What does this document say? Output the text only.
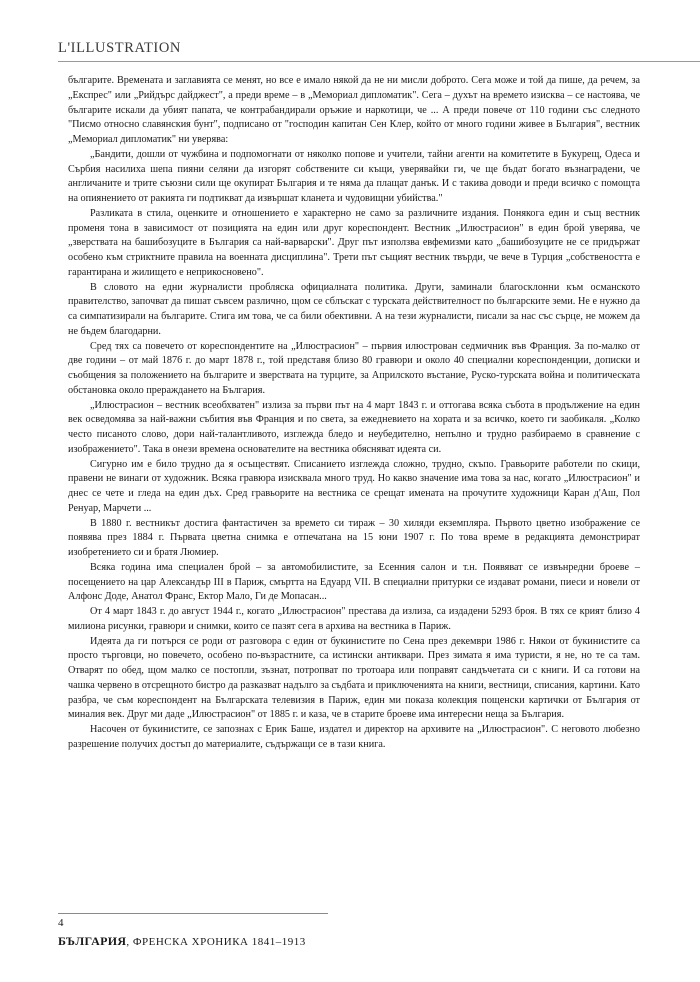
L'ILLUSTRATION

българите. Времената и заглавията се менят, но все е имало някой да не ни мисли доброто. Сега може и той да пише, да речем, за „Експрес" или „Рийдърс дайджест", а преди време – в „Мемориал дипломатик". Сега – духът на времето изисква – се настоява, че българите искали да убият папата, че контрабандирали оръжие и наркотици, че ... А преди повече от 110 години със следното "Писмо относно славянския бунт", подписано от "господин капитан Сен Клер, който от много години живее в България", вестник „Мемориал дипломатик" ни уверява:

„Бандити, дошли от чужбина и подпомогнати от няколко попове и учители, тайни агенти на комитетите в Букурещ, Одеса и Сърбия насилиха шепа пияни селяни да изгорят собствените си къщи, уверявайки ги, че ще бъдат богато възнаградени, че англичаните и трите съюзни сили ще окупират България и те няма да плащат данък. И с такива доводи и преди всичко с помощта на опиянението от ракията ги подтикват да извършат кланета и чудовищни убийства."

Разликата в стила, оценките и отношението е характерно не само за различните издания. Понякога един и същ вестник променя тона в зависимост от позицията на един или друг кореспондент. Вестник „Илюстрасион" в един брой уверява, че „зверствата на башибозуците в България са най-варварски". Друг път използва евфемизми като „башибозуците не се придържат особено към стриктните правила на военната дисциплина". Трети път същият вестник твърди, че вече в Турция „собствеността е гарантирана и жилището е неприкосновено".

В словото на едни журналисти пробляска официалната политика. Други, заминали благосклонни към османското правителство, започват да пишат съвсем различно, щом се сблъскат с турската действителност по българските земи. Не е нужно да са симпатизирали на българите. Стига им това, че са били обективни. А на тези журналисти, писали за нас със сърце, не можем да не бъдем благодарни.

Сред тях са повечето от кореспондентите на „Илюстрасион" – първия илюстрован седмичник във Франция. За по-малко от две години – от май 1876 г. до март 1878 г., той представя близо 80 гравюри и около 40 специални кореспонденции, дописки и съобщения за положението на българите и зверствата на турците, за Априлското въстание, Руско-турската война и политическата обстановка около преражданетo на България.

„Илюстрасион – вестник всеобхватен" излиза за първи път на 4 март 1843 г. и оттогава всяка събота в продължение на един век осведомява за най-важни събития във Франция и по света, за ежедневието на хората и за всичко, което ги заобикаля. „Колко често писаното слово, дори най-талантливото, изглежда бледо и неубедително, непълно и трудно разбираемо в сравнение с изображението". Така в онези времена основателите на вестника обясняват идеята си.

Сигурно им е било трудно да я осъществят. Списанието изглежда сложно, трудно, скъпо. Гравьорите работели по скици, правени не винаги от художник. Всяка гравюра изисквала много труд. Но какво значение има това за нас, когато „Илюстрасион" и днес се чете и гледа на един дъх. Сред гравьорите на вестника се срещат имената на прочутите художници Каран д'Аш, Пол Ренуар, Марчети ...

В 1880 г. вестникът достига фантастичен за времето си тираж – 30 хиляди екземпляра. Първото цветно изображение се появява през 1884 г. Първата цветна снимка е отпечатана на 15 юни 1907 г. По това време в редакцията демонстрират изобретението си и братя Люмиер.

Всяка година има специален брой – за автомобилистите, за Есенния салон и т.н. Появяват се извънредни броеве – посещението на цар Александър III в Париж, смъртта на Едуард VII. В специални притурки се издават романи, пиеси и новели от Алфонс Доде, Анатол Франс, Ектор Мало, Ги де Мопасан...

От 4 март 1843 г. до август 1944 г., когато „Илюстрасион" престава да излиза, са издадени 5293 броя. В тях се крият близо 4 милиона рисунки, гравюри и снимки, които се пазят сега в архива на вестника в Париж.

Идеята да ги потърся се роди от разговора с един от букинистите по Сена през декември 1986 г. Някои от букинистите са просто търговци, но повечето, особено по-възрастните, са истински антиквари. През зимата я има туристи, я не, но те са там. Отварят по обед, щом малко се постопли, зъзнат, потропват по тротоара или поправят сандъчетата си с книги. И са готови на чашка червено в отсрещното бистро да разказват надълго за съдбата и приключенията на книги, вестници, списания, картини. Като разбра, че съм кореспондент на Българската телевизия в Париж, един ми показа колекция пощенски картички от България от миналия век. Друг ми даде „Илюстрасион" от 1885 г. и каза, че в старите броеве има интересни неща за България.

Насочен от букинистите, се запознах с Ерик Баше, издател и директор на архивите на „Илюстрасион". С неговото любезно разрешение получих достъп до материалите, съдържащи се в тази книга.

4
БЪЛГАРИЯ, ФРЕНСКА ХРОНИКА 1841–1913
